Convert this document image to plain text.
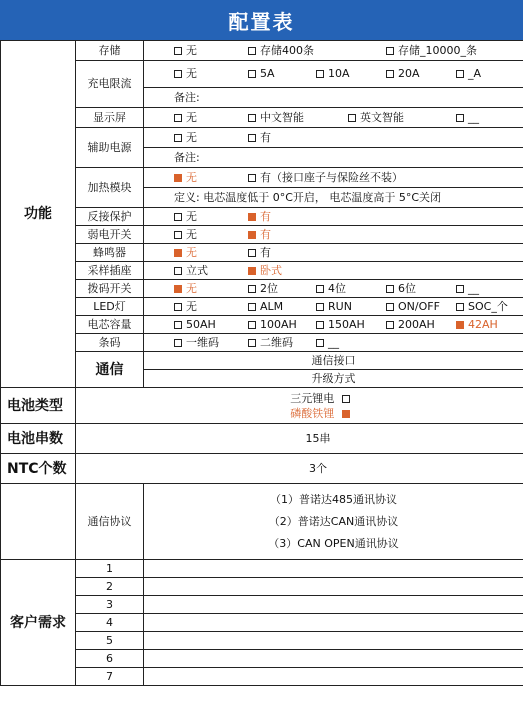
配置表
功能	存储	无 存储400条 存储_10000_条	

	充电限流	无 5A 10A 20A _A	

		备注:	
	显示屏	无 中文智能 英文智能 __	

	辅助电源	无 有	

		备注:	
	加热模块	无 有（接口座子与保险丝不装）	

		定义: 电芯温度低于 0°C开启， 电芯温度高于 5°C关闭	
	反接保护	无 有	

	弱电开关	无 有	

	蜂鸣器	无 有	

	采样插座	立式 卧式	

	拨码开关	无 2位 4位 6位 __	

	LED灯	无 ALM RUN ON/OFF SOC_个	

	电芯容量	50AH 100AH 150AH 200AH 42AH	

	条码	一维码 二维码 __	

	通信	通信接口	

		升级方式	

电池类型	三元锂电
磷酸铁锂		

电池串数	15串		
NTC个数	3个		
	通信协议	（1）普诺达485通讯协议
（2）普诺达CAN通讯协议
（3）CAN OPEN通讯协议	

客户需求	1		
	2		
	3		
	4		
	5		
	6		
	7		
